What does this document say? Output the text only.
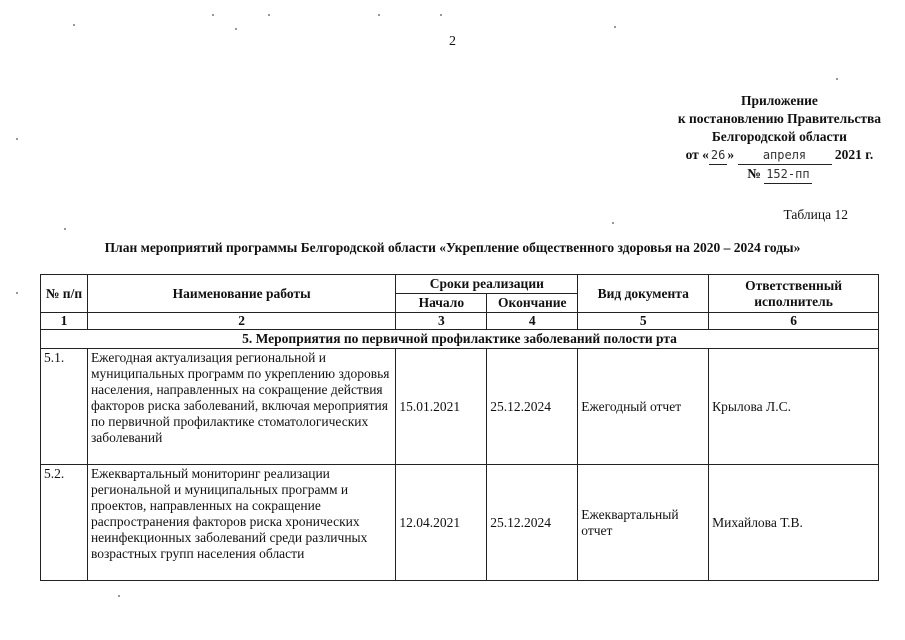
2
Приложение
к постановлению Правительства
Белгородской области
от « 26 » апреля 2021 г.
№ 152-пп
Таблица 12
План мероприятий программы Белгородской области «Укрепление общественного здоровья на 2020 – 2024 годы»
№ п/п	Наименование работы	Сроки реализации		Вид документа	Ответственный исполнитель
		Начало	Окончание		
1	2	3	4	5	6
5. Мероприятия по первичной профилактике заболеваний полости рта					
5.1.	Ежегодная актуализация региональной и муниципальных программ по укреплению здоровья населения, направленных на сокращение действия факторов риска заболеваний, включая мероприятия по первичной профилактике стоматологических заболеваний	15.01.2021	25.12.2024	Ежегодный отчет	Крылова Л.С.
5.2.	Ежеквартальный мониторинг реализации региональной и муниципальных программ и проектов, направленных на сокращение распространения факторов риска хронических неинфекционных заболеваний среди различных возрастных групп населения области	12.04.2021	25.12.2024	Ежеквартальный отчет	Михайлова Т.В.
